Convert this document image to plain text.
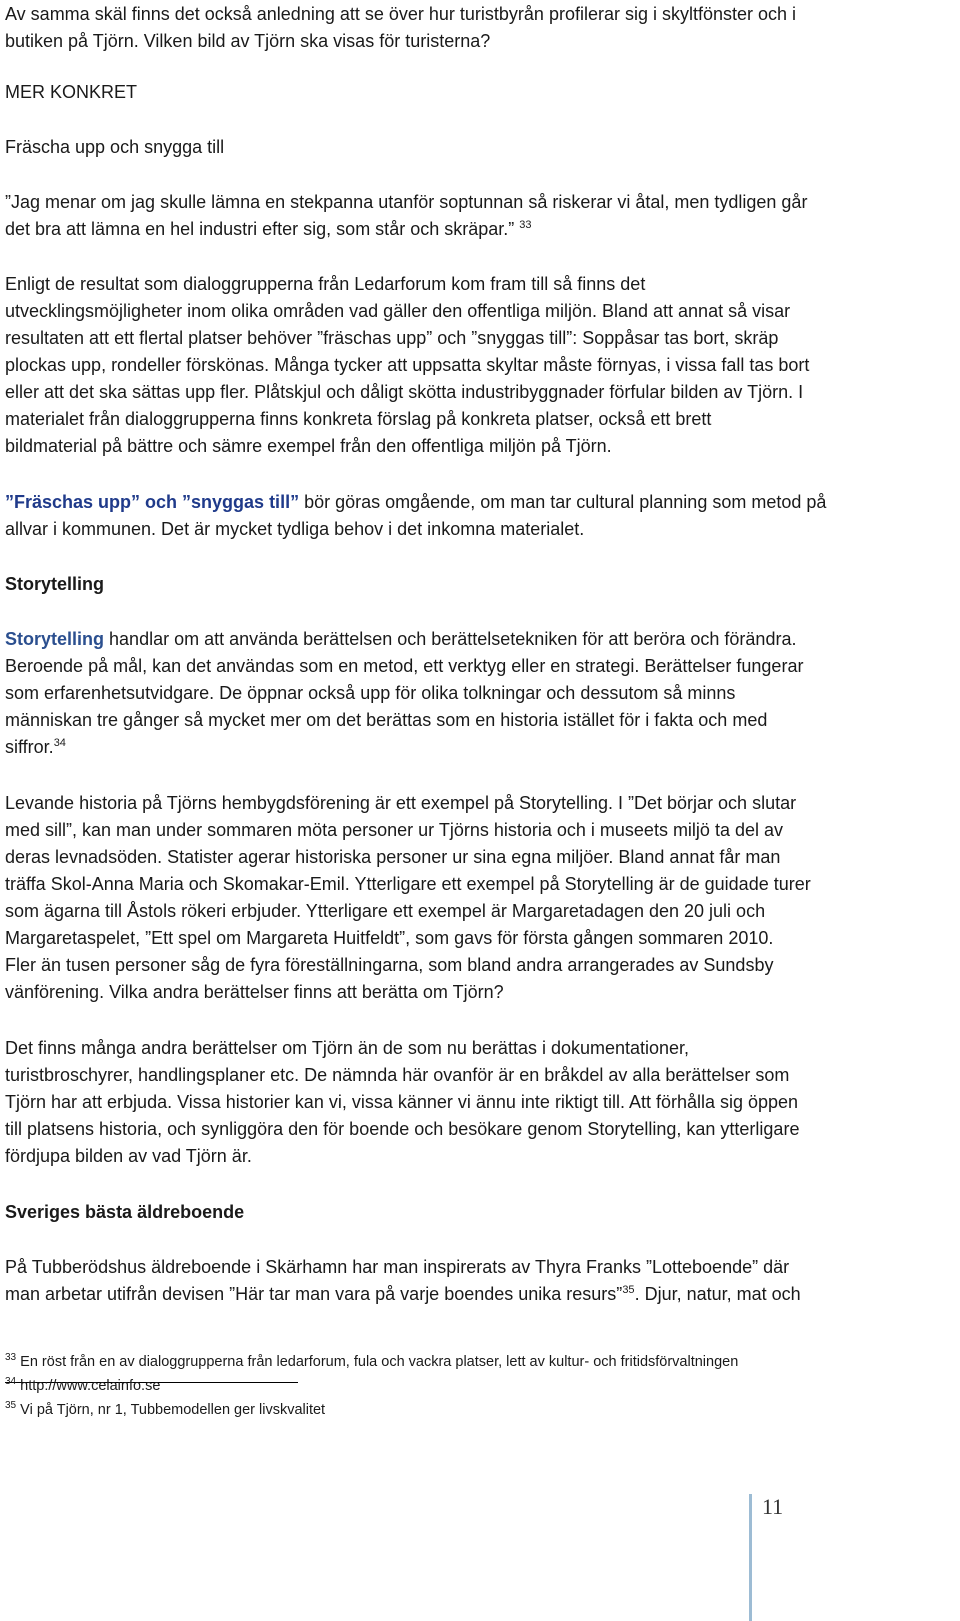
Av samma skäl finns det också anledning att se över hur turistbyrån profilerar sig i skyltfönster och i
butiken på Tjörn. Vilken bild av Tjörn ska visas för turisterna?
MER KONKRET
Fräscha upp och snygga till
”Jag menar om jag skulle lämna en stekpanna utanför soptunnan så riskerar vi åtal, men tydligen går
det bra att lämna en hel industri efter sig, som står och skräpar.” $^{33}$
Enligt de resultat som dialoggrupperna från Ledarforum kom fram till så finns det
utvecklingsmöjligheter inom olika områden vad gäller den offentliga miljön. Bland att annat så visar
resultaten att ett flertal platser behöver ”fräschas upp” och ”snyggas till”: Soppåsar tas bort, skräp
plockas upp, rondeller förskönas. Många tycker att uppsatta skyltar måste förnyas, i vissa fall tas bort
eller att det ska sättas upp fler. Plåtskjul och dåligt skötta industribyggnader förfular bilden av Tjörn. I
materialet från dialoggrupperna finns konkreta förslag på konkreta platser, också ett brett
bildmaterial på bättre och sämre exempel från den offentliga miljön på Tjörn.
”Fräschas upp” och ”snyggas till” bör göras omgående, om man tar cultural planning som metod på
allvar i kommunen. Det är mycket tydliga behov i det inkomna materialet.
Storytelling
Storytelling handlar om att använda berättelsen och berättelsetekniken för att beröra och förändra.
Beroende på mål, kan det användas som en metod, ett verktyg eller en strategi. Berättelser fungerar
som erfarenhetsutvidgare. De öppnar också upp för olika tolkningar och dessutom så minns
människan tre gånger så mycket mer om det berättas som en historia istället för i fakta och med
siffror.$^{34}$
Levande historia på Tjörns hembygdsförening är ett exempel på Storytelling. I ”Det börjar och slutar
med sill”, kan man under sommaren möta personer ur Tjörns historia och i museets miljö ta del av
deras levnadsöden. Statister agerar historiska personer ur sina egna miljöer. Bland annat får man
träffa Skol-Anna Maria och Skomakar-Emil. Ytterligare ett exempel på Storytelling är de guidade turer
som ägarna till Åstols rökeri erbjuder. Ytterligare ett exempel är Margaretadagen den 20 juli och
Margaretaspelet, ”Ett spel om Margareta Huitfeldt”, som gavs för första gången sommaren 2010.
Fler än tusen personer såg de fyra föreställningarna, som bland andra arrangerades av Sundsby
vänförening. Vilka andra berättelser finns att berätta om Tjörn?
Det finns många andra berättelser om Tjörn än de som nu berättas i dokumentationer,
turistbroschyrer, handlingsplaner etc. De nämnda här ovanför är en bråkdel av alla berättelser som
Tjörn har att erbjuda. Vissa historier kan vi, vissa känner vi ännu inte riktigt till. Att förhålla sig öppen
till platsens historia, och synliggöra den för boende och besökare genom Storytelling, kan ytterligare
fördjupa bilden av vad Tjörn är.
Sveriges bästa äldreboende
På Tubberödshus äldreboende i Skärhamn har man inspirerats av Thyra Franks ”Lotteboende” där
man arbetar utifrån devisen ”Här tar man vara på varje boendes unika resurs”$^{35}$. Djur, natur, mat och
$^{33}$ En röst från en av dialoggrupperna från ledarforum, fula och vackra platser, lett av kultur- och fritidsförvaltningen
$^{34}$ http://www.celainfo.se
$^{35}$ Vi på Tjörn, nr 1, Tubbemodellen ger livskvalitet
11
